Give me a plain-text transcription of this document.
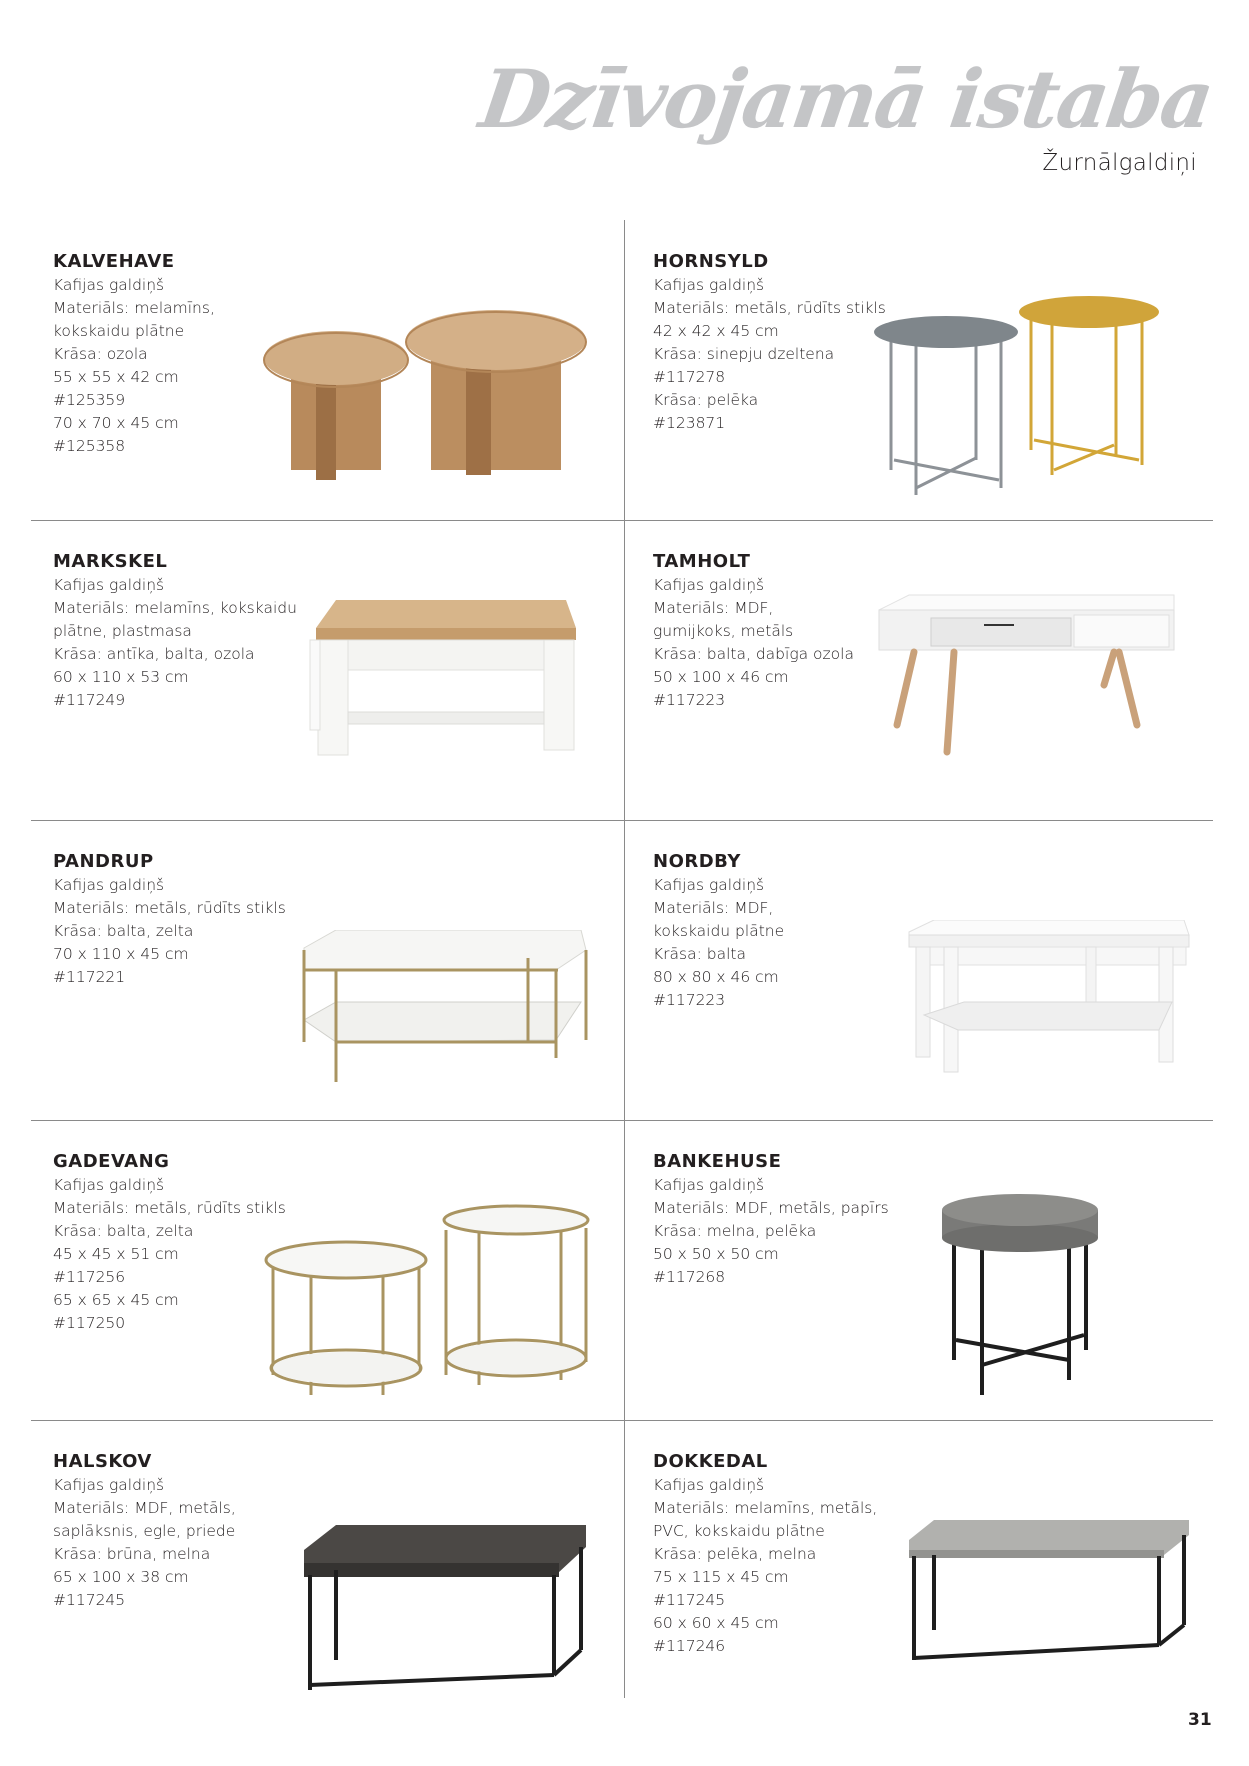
Dzīvojamā istaba
Žurnālgaldiņi
KALVEHAVE
Kafijas galdiņš
Materiāls: melamīns,
kokskaidu plātne
Krāsa: ozola
55 x 55 x 42 cm
#125359
70 x 70 x 45 cm
#125358
HORNSYLD
Kafijas galdiņš
Materiāls: metāls, rūdīts stikls
42 x 42 x 45 cm
Krāsa: sinepju dzeltena
#117278
Krāsa: pelēka
#123871
MARKSKEL
Kafijas galdiņš
Materiāls: melamīns, kokskaidu
plātne, plastmasa
Krāsa: antīka, balta, ozola
60 x 110 x 53 cm
#117249
TAMHOLT
Kafijas galdiņš
Materiāls: MDF,
gumijkoks, metāls
Krāsa: balta, dabīga ozola
50 x 100 x 46 cm
#117223
PANDRUP
Kafijas galdiņš
Materiāls: metāls, rūdīts stikls
Krāsa: balta, zelta
70 x 110 x 45 cm
#117221
NORDBY
Kafijas galdiņš
Materiāls: MDF,
kokskaidu plātne
Krāsa: balta
80 x 80 x 46 cm
#117223
GADEVANG
Kafijas galdiņš
Materiāls: metāls, rūdīts stikls
Krāsa: balta, zelta
45 x 45 x 51 cm
#117256
65 x 65 x 45 cm
#117250
BANKEHUSE
Kafijas galdiņš
Materiāls: MDF, metāls, papīrs
Krāsa: melna, pelēka
50 x 50 x 50 cm
#117268
HALSKOV
Kafijas galdiņš
Materiāls: MDF, metāls,
saplāksnis, egle, priede
Krāsa: brūna, melna
65 x 100 x 38 cm
#117245
DOKKEDAL
Kafijas galdiņš
Materiāls: melamīns, metāls,
PVC, kokskaidu plātne
Krāsa: pelēka, melna
75 x 115 x 45 cm
#117245
60 x 60 x 45 cm
#117246
31
